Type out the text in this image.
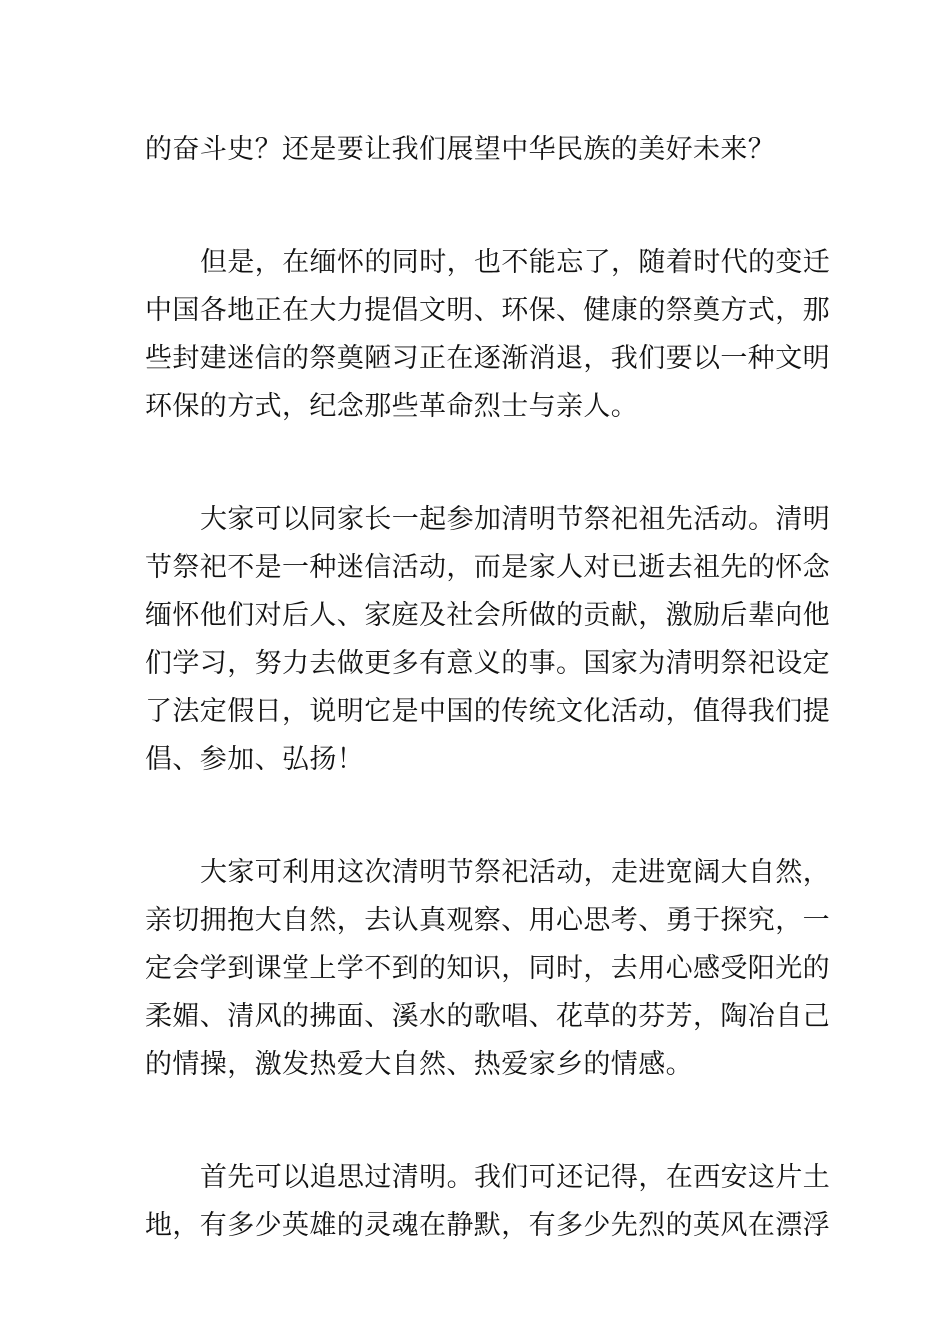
的奋斗史？还是要让我们展望中华民族的美好未来？
但是，在缅怀的同时，也不能忘了，随着时代的变迁
中国各地正在大力提倡文明、环保、健康的祭奠方式，那
些封建迷信的祭奠陋习正在逐渐消退，我们要以一种文明
环保的方式，纪念那些革命烈士与亲人。
大家可以同家长一起参加清明节祭祀祖先活动。清明
节祭祀不是一种迷信活动，而是家人对已逝去祖先的怀念
缅怀他们对后人、家庭及社会所做的贡献，激励后辈向他
们学习，努力去做更多有意义的事。国家为清明祭祀设定
了法定假日，说明它是中国的传统文化活动，值得我们提
倡、参加、弘扬！
大家可利用这次清明节祭祀活动，走进宽阔大自然，
亲切拥抱大自然，去认真观察、用心思考、勇于探究，一
定会学到课堂上学不到的知识，同时，去用心感受阳光的
柔媚、清风的拂面、溪水的歌唱、花草的芬芳，陶冶自己
的情操，激发热爱大自然、热爱家乡的情感。
首先可以追思过清明。我们可还记得，在西安这片土
地，有多少英雄的灵魂在静默，有多少先烈的英风在漂浮
